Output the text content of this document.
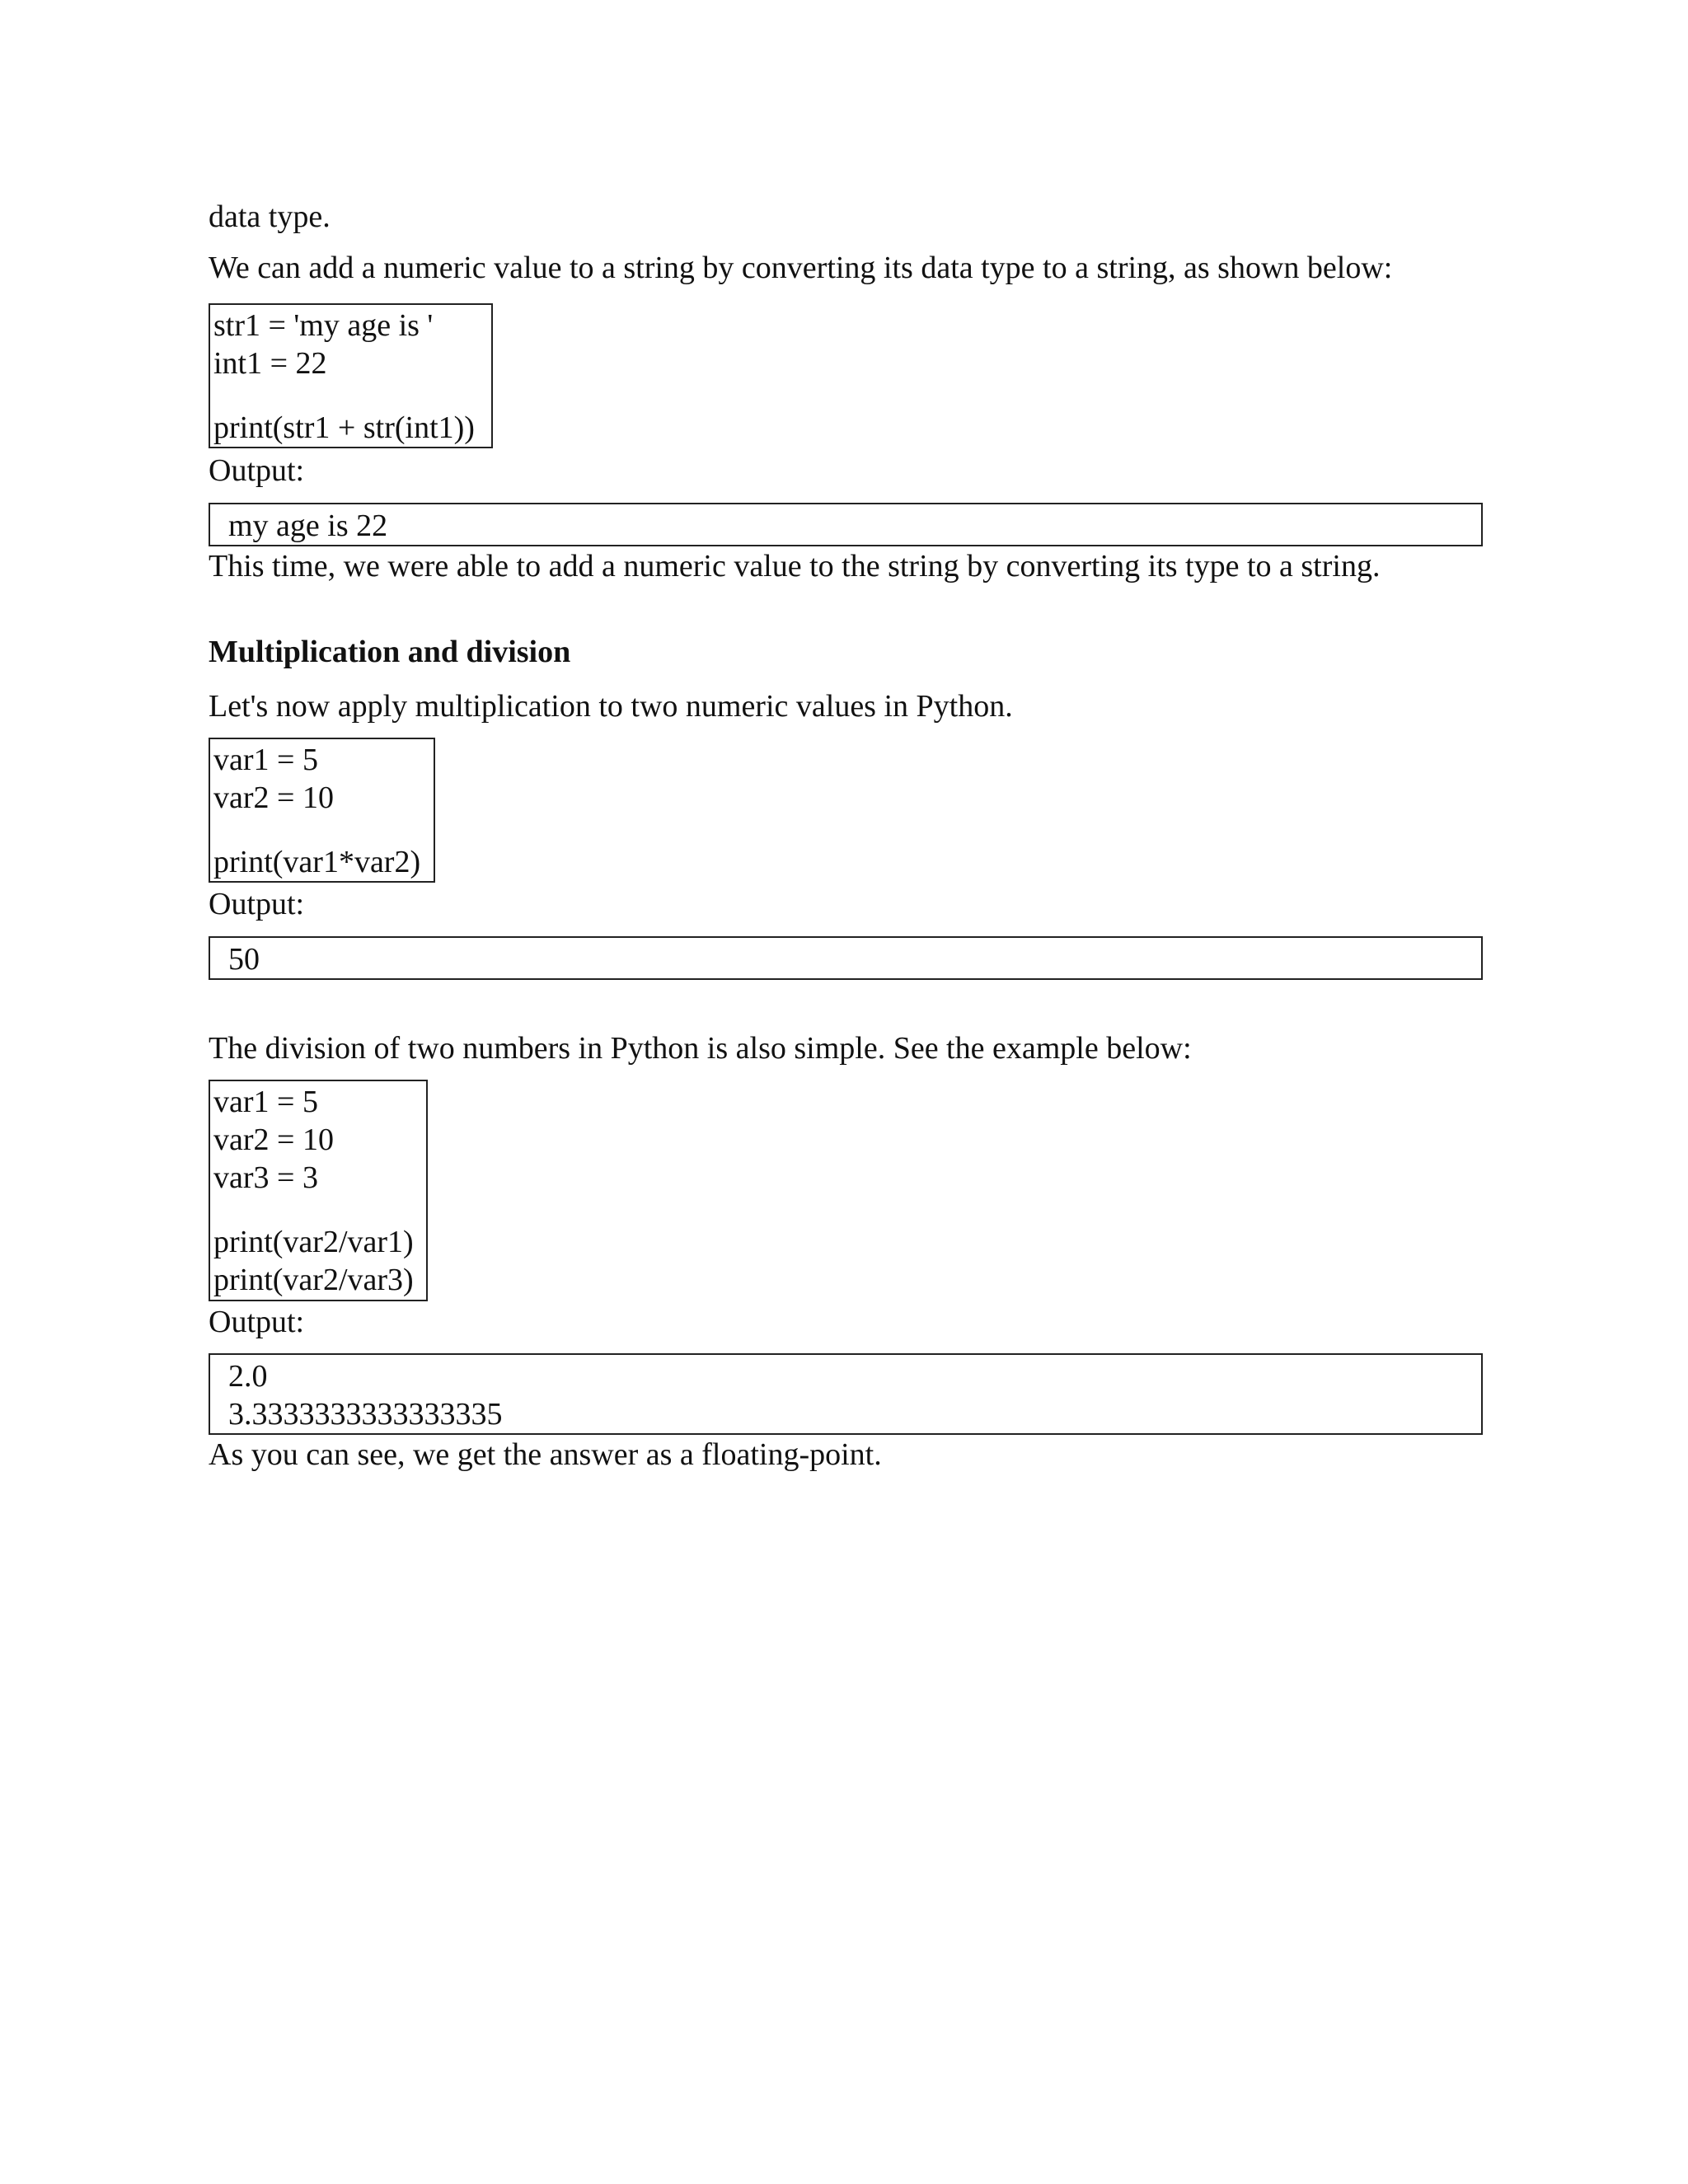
data type.

We can add a numeric value to a string by converting its data type to a string, as shown below:

str1 = 'my age is '
int1 = 22
print(str1 + str(int1))

Output:

my age is 22

This time, we were able to add a numeric value to the string by converting its type to a string.

Multiplication and division

Let's now apply multiplication to two numeric values in Python.

var1 = 5
var2 = 10
print(var1*var2)

Output:

50

The division of two numbers in Python is also simple. See the example below:

var1 = 5
var2 = 10
var3 = 3
print(var2/var1)
print(var2/var3)

Output:

2.0
3.3333333333333335

As you can see, we get the answer as a floating-point.
